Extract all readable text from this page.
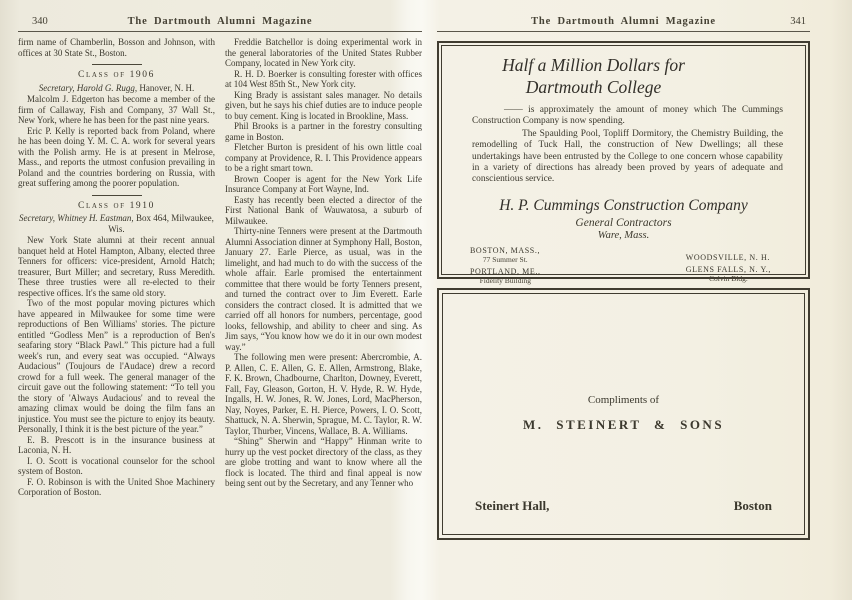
340	The Dartmouth Alumni Magazine

firm name of Chamberlin, Bosson and Johnson, with offices at 30 State St., Boston.

Class of 1906

Secretary, Harold G. Rugg, Hanover, N. H.

Malcolm J. Edgerton has become a member of the firm of Callaway, Fish and Company, 37 Wall St., New York, where he has been for the past nine years.

Eric P. Kelly is reported back from Poland, where he has been doing Y. M. C. A. work for several years with the Polish army. He is at present in Melrose, Mass., and reports the utmost confusion prevailing in Poland and the countries bordering on Russia, with great suffering among the poorer population.

Class of 1910

Secretary, Whitney H. Eastman, Box 464, Milwaukee, Wis.

New York State alumni at their recent annual banquet held at Hotel Hampton, Albany, elected three Tenners for officers: vice-president, Arnold Hatch; treasurer, Burt Miller; and secretary, Russ Meredith. These three trusties were all re-elected to their respective offices. It's the same old story.

Two of the most popular moving pictures which have appeared in Milwaukee for some time were reproductions of Ben Williams' stories. The picture entitled “Godless Men” is a reproduction of Ben's seafaring story “Black Pawl.” This picture had a full week's run, and every seat was occupied. “Always Audacious” (Toujours de l'Audace) drew a record crowd for a full week. The general manager of the circuit gave out the following statement: “To tell you the story of 'Always Audacious' and to reveal the amazing climax would be doing the film fans an injustice. You must see the picture to enjoy its beauty. Personally, I think it is the best picture of the year.”

E. B. Prescott is in the insurance business at Laconia, N. H.

I. O. Scott is vocational counselor for the school system of Boston.

F. O. Robinson is with the United Shoe Machinery Corporation of Boston.

Freddie Batchellor is doing experimental work in the general laboratories of the United States Rubber Company, located in New York city.

R. H. D. Boerker is consulting forester with offices at 104 West 85th St., New York city.

King Brady is assistant sales manager. No details given, but he says his chief duties are to induce people to buy cement. King is located in Brookline, Mass.

Phil Brooks is a partner in the forestry consulting game in Boston.

Fletcher Burton is president of his own little coal company at Providence, R. I. This Providence appears to be a right smart town.

Brown Cooper is agent for the New York Life Insurance Company at Fort Wayne, Ind.

Easty has recently been elected a director of the First National Bank of Wauwatosa, a suburb of Milwaukee.

Thirty-nine Tenners were present at the Dartmouth Alumni Association dinner at Symphony Hall, Boston, January 27. Earle Pierce, as usual, was in the limelight, and had much to do with the success of the whole affair. Earle promised the entertainment committee that there would be forty Tenners present, and turned the contract over to Jim Everett. Earle considers the contract closed. It is admitted that we carried off all honors for numbers, percentage, good looks, fellowship, and ability to cheer and sing. As Jim says, “You know how we do it in our own modest way.”

The following men were present: Abercrombie, A. P. Allen, C. E. Allen, G. E. Allen, Armstrong, Blake, F. K. Brown, Chadbourne, Charlton, Downey, Everett, Fall, Fay, Gleason, Gorton, H. V. Hyde, R. W. Hyde, Ingalls, H. W. Jones, R. W. Jones, Lord, MacPherson, Nay, Noyes, Parker, E. H. Pierce, Powers, I. O. Scott, Shattuck, N. A. Sherwin, Sprague, M. C. Taylor, R. W. Taylor, Thurber, Vincens, Wallace, B. A. Williams.

“Shing” Sherwin and “Happy” Hinman write to hurry up the vest pocket directory of the class, as they are globe trotting and want to know where all the flock is located. The third and final appeal is now being sent out by the Secretary, and any Tenner who

The Dartmouth Alumni Magazine	341
Half a Million Dollars for
Dartmouth College

—— is approximately the amount of money which The Cummings Construction Company is now spending.

The Spaulding Pool, Topliff Dormitory, the Chemistry Building, the remodelling of Tuck Hall, the construction of New Dwellings; all these undertakings have been entrusted by the College to one concern whose capability in a variety of directions has already been proved by years of adequate and conscientious service.

H. P. Cummings Construction Company
General Contractors
Ware, Mass.
BOSTON, MASS.,
77 Summer St.
PORTLAND, ME.,
Fidelity Building
WOODSVILLE, N. H.
GLENS FALLS, N. Y.,
Colvin Bldg.
Compliments of
M. STEINERT & SONS
Steinert Hall,	Boston
